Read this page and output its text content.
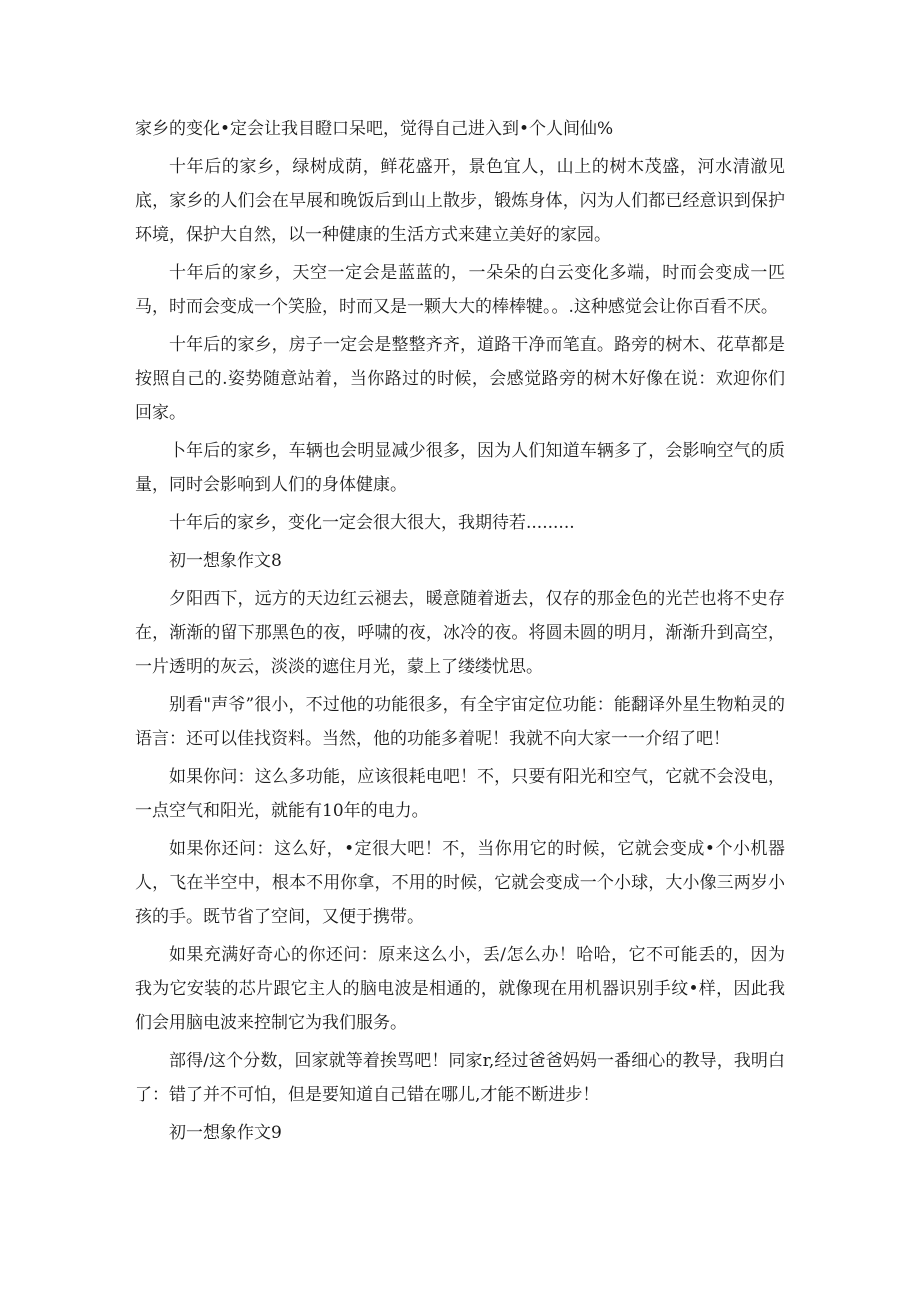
家乡的变化•定会让我目瞪口呆吧，觉得自己进入到•个人间仙%

十年后的家乡，绿树成荫，鲜花盛开，景色宜人，山上的树木茂盛，河水清澈见底，家乡的人们会在早展和晚饭后到山上散步，锻炼身体，闪为人们都已经意识到保护环境，保护大自然，以一种健康的生活方式来建立美好的家园。

十年后的家乡，天空一定会是蓝蓝的，一朵朵的白云变化多端，时而会变成一匹马，时而会变成一个笑脸，时而又是一颗大大的棒棒犍。。.这种感觉会让你百看不厌。

十年后的家乡，房子一定会是整整齐齐，道路干净而笔直。路旁的树木、花草都是按照自己的.姿势随意站着，当你路过的时候，会感觉路旁的树木好像在说：欢迎你们回家。

卜年后的家乡，车辆也会明显减少很多，因为人们知道车辆多了，会影响空气的质量，同时会影响到人们的身体健康。

十年后的家乡，变化一定会很大很大，我期待若.........

初一想象作文8

夕阳西下，远方的天边红云褪去，暖意随着逝去，仅存的那金色的光芒也将不史存在，渐渐的留下那黑色的夜，呼啸的夜，冰冷的夜。将圆未圆的明月，渐渐升到高空，一片透明的灰云，淡淡的遮住月光，蒙上了缕缕忧思。

别看"声爷”很小，不过他的功能很多，有全宇宙定位功能：能翻译外星生物粕灵的语言：还可以佳找资料。当然，他的功能多着呢！我就不向大家一一介绍了吧！

如果你问：这么多功能，应该很耗电吧！不，只要有阳光和空气，它就不会没电，一点空气和阳光，就能有10年的电力。

如果你还问：这么好，•定很大吧！不，当你用它的时候，它就会变成•个小机器人，飞在半空中，根本不用你拿，不用的时候，它就会变成一个小球，大小像三两岁小孩的手。既节省了空间，又便于携带。

如果充满好奇心的你还问：原来这么小，丢/怎么办！哈哈，它不可能丢的，因为我为它安装的芯片跟它主人的脑电波是相通的，就像现在用机器识别手纹•样，因此我们会用脑电波来控制它为我们服务。

部得/这个分数，回家就等着挨骂吧！同家r,经过爸爸妈妈一番细心的教导，我明白了：错了并不可怕，但是要知道自己错在哪儿,才能不断进步！

初一想象作文9
